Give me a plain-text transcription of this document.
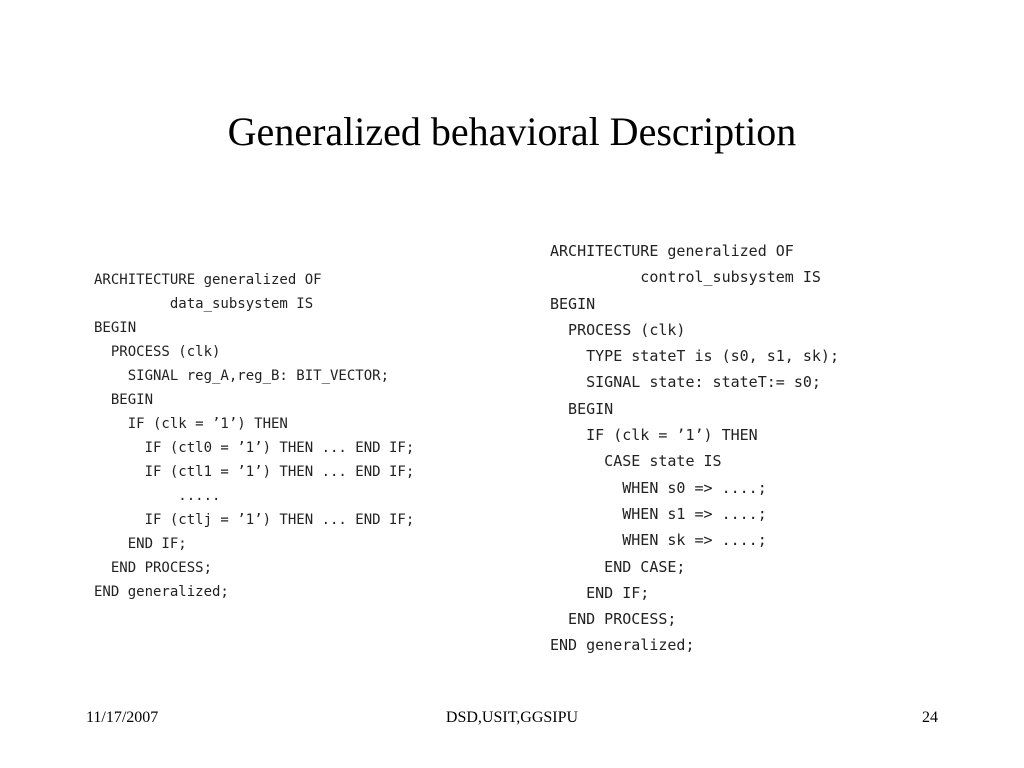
Generalized behavioral Description
ARCHITECTURE generalized OF
data_subsystem IS
BEGIN
PROCESS (clk)
SIGNAL reg_A,reg_B: BIT_VECTOR;
BEGIN
IF (clk = ’1’) THEN
IF (ctl0 = ’1’) THEN ... END IF;
IF (ctl1 = ’1’) THEN ... END IF;
.....
IF (ctlj = ’1’) THEN ... END IF;
END IF;
END PROCESS;
END generalized;
ARCHITECTURE generalized OF
control_subsystem IS
BEGIN
PROCESS (clk)
TYPE stateT is (s0, s1, sk);
SIGNAL state: stateT:= s0;
BEGIN
IF (clk = ’1’) THEN
CASE state IS
WHEN s0 => ....;
WHEN s1 => ....;
WHEN sk => ....;
END CASE;
END IF;
END PROCESS;
END generalized;
11/17/2007	DSD,USIT,GGSIPU	24
